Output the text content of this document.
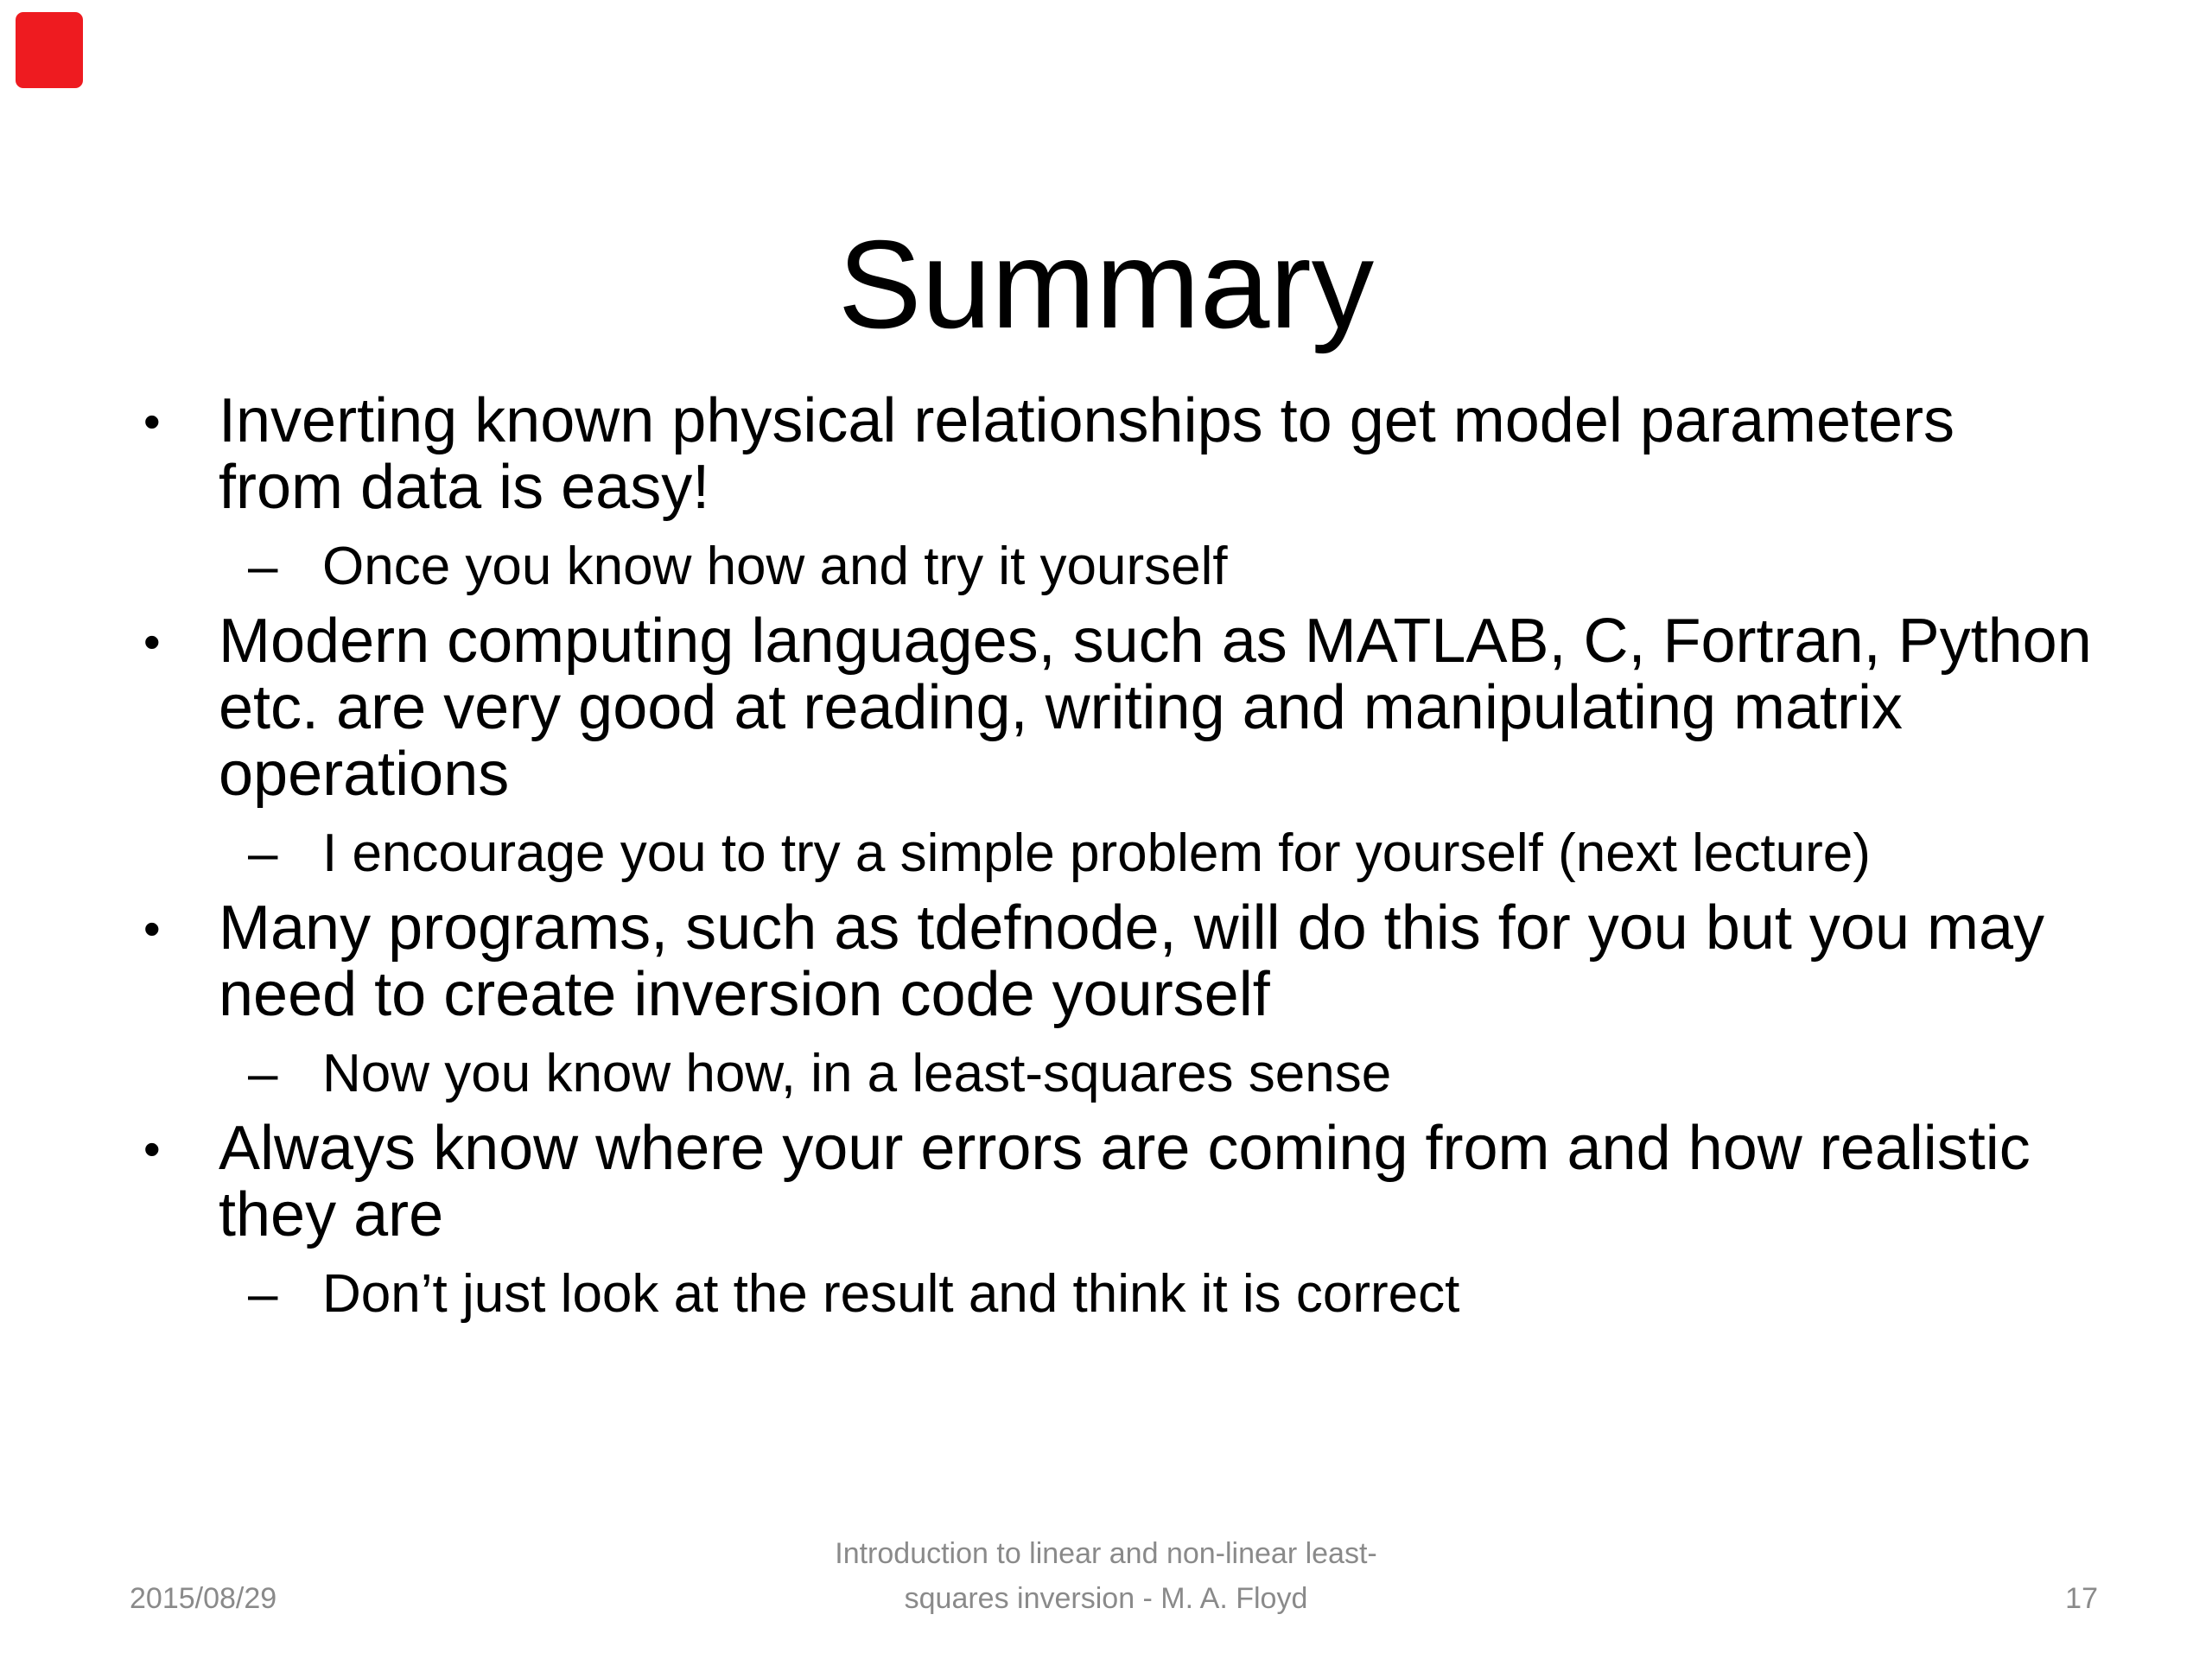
Summary
• Inverting known physical relationships to get model parameters
from data is easy!
– Once you know how and try it yourself
• Modern computing languages, such as MATLAB, C, Fortran, Python
etc. are very good at reading, writing and manipulating matrix
operations
– I encourage you to try a simple problem for yourself (next lecture)
• Many programs, such as tdefnode, will do this for you but you may
need to create inversion code yourself
– Now you know how, in a least-squares sense
• Always know where your errors are coming from and how realistic
they are
– Don’t just look at the result and think it is correct
2015/08/29
Introduction to linear and non-linear least-
squares inversion - M. A. Floyd	17
